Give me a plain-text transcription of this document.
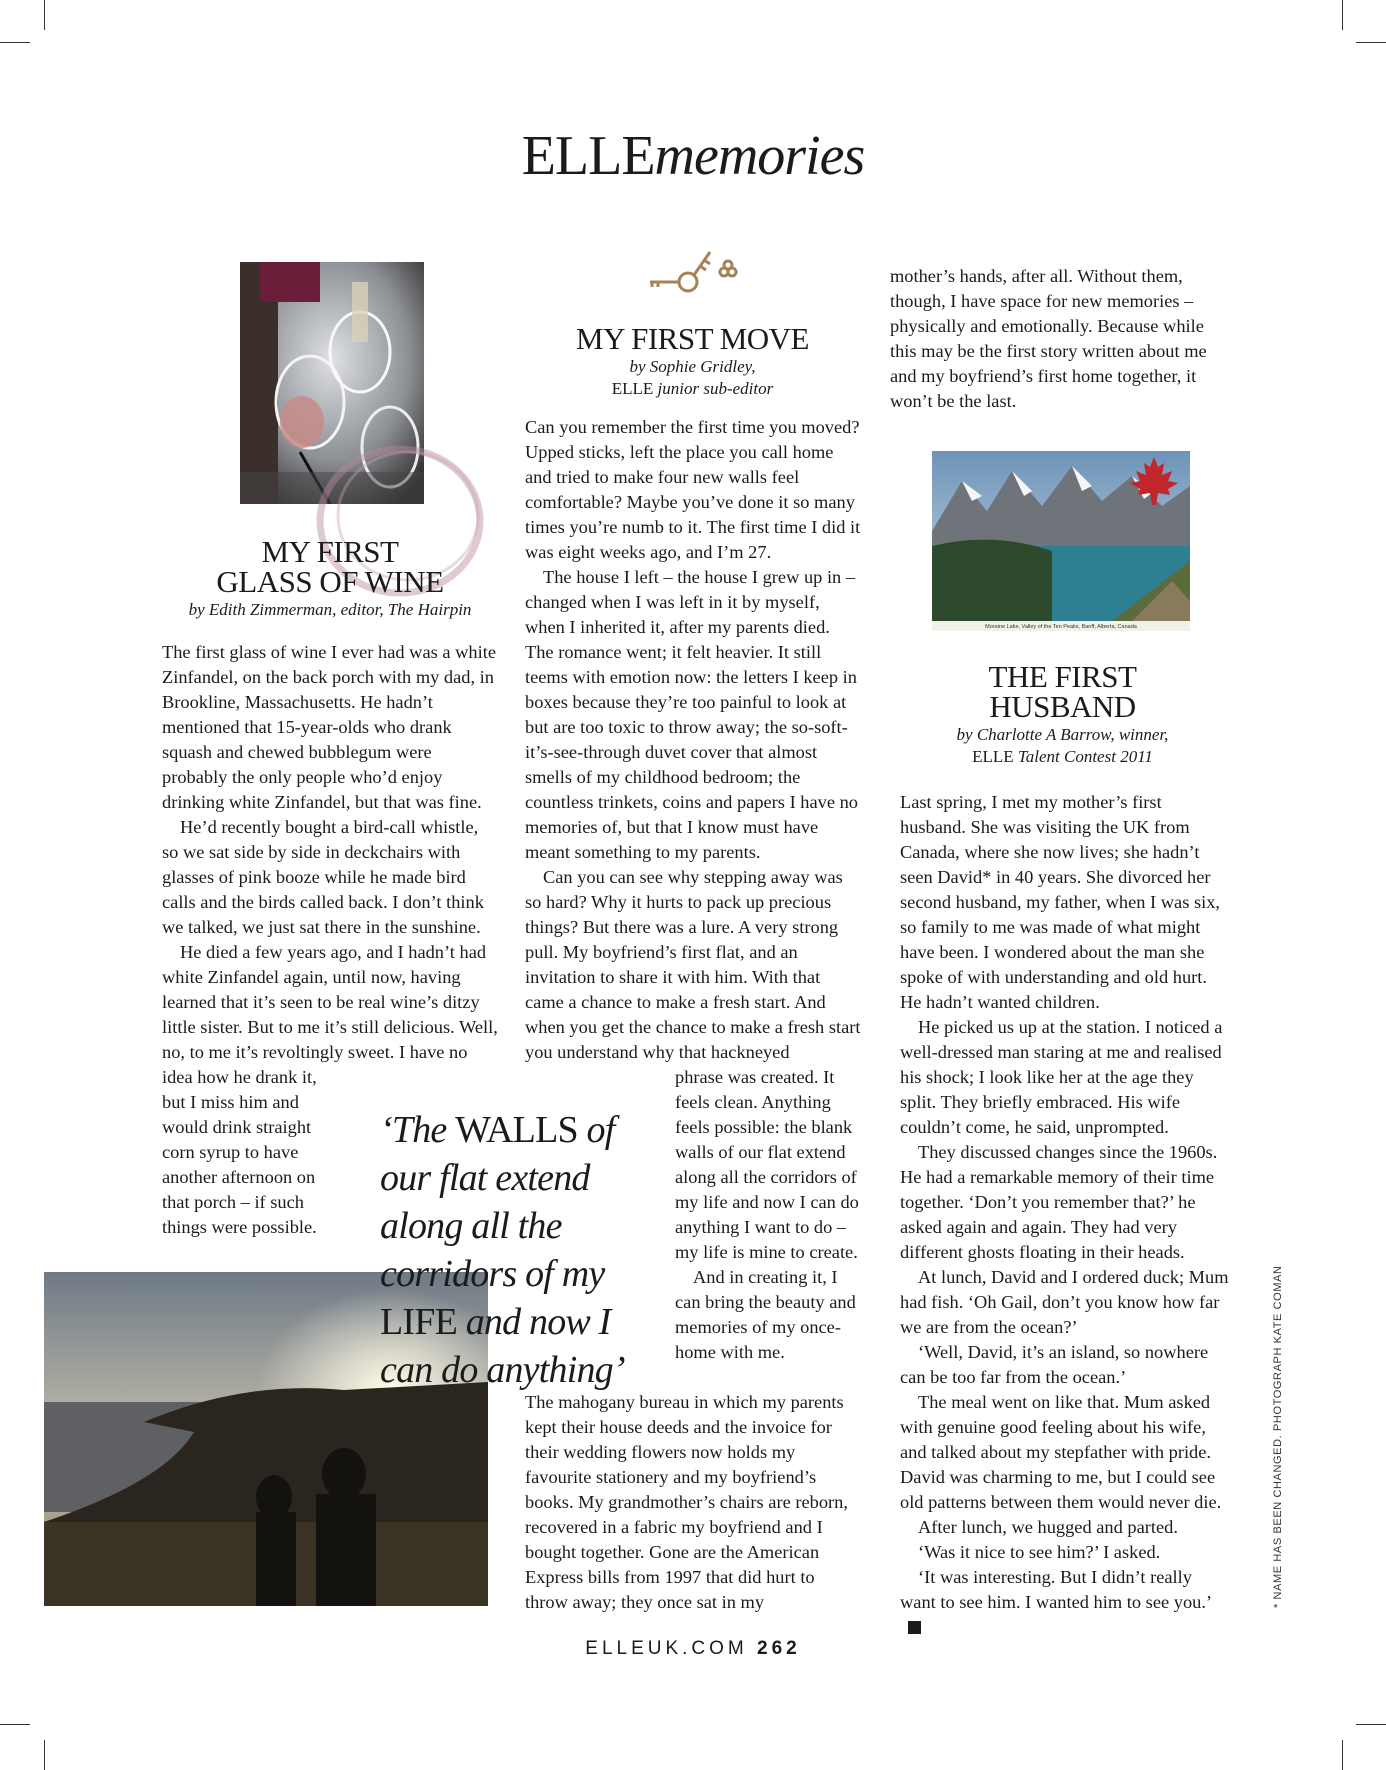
ELLEmemories
MY FIRST
GLASS OF WINE
by Edith Zimmerman, editor, The Hairpin

The first glass of wine I ever had was a white Zinfandel, on the back porch with my dad, in Brookline, Massachusetts. He hadn’t mentioned that 15-year-olds who drank squash and chewed bubblegum were probably the only people who’d enjoy drinking white Zinfandel, but that was fine.

He’d recently bought a bird-call whistle, so we sat side by side in deckchairs with glasses of pink booze while he made bird calls and the birds called back. I don’t think we talked, we just sat there in the sunshine.

He died a few years ago, and I hadn’t had white Zinfandel again, until now, having learned that it’s seen to be real wine’s ditzy little sister. But to me it’s still delicious. Well, no, to me it’s revoltingly sweet. I have no

idea how he drank it, but I miss him and would drink straight corn syrup to have another afternoon on that porch – if such things were possible.

MY FIRST MOVE
by Sophie Gridley,
ELLE junior sub-editor

Can you remember the first time you moved? Upped sticks, left the place you call home and tried to make four new walls feel comfortable? Maybe you’ve done it so many times you’re numb to it. The first time I did it was eight weeks ago, and I’m 27.

The house I left – the house I grew up in – changed when I was left in it by myself, when I inherited it, after my parents died. The romance went; it felt heavier. It still teems with emotion now: the letters I keep in boxes because they’re too painful to look at but are too toxic to throw away; the so-soft-it’s-see-through duvet cover that almost smells of my childhood bedroom; the countless trinkets, coins and papers I have no memories of, but that I know must have meant something to my parents.

Can you can see why stepping away was so hard? Why it hurts to pack up precious things? But there was a lure. A very strong pull. My boyfriend’s first flat, and an invitation to share it with him. With that came a chance to make a fresh start. And when you get the chance to make a fresh start you understand why that hackneyed

phrase was created. It feels clean. Anything feels possible: the blank walls of our flat extend along all the corridors of my life and now I can do anything I want to do – my life is mine to create.

And in creating it, I can bring the beauty and memories of my once-home with me.

The mahogany bureau in which my parents kept their house deeds and the invoice for their wedding flowers now holds my favourite stationery and my boyfriend’s books. My grandmother’s chairs are reborn, recovered in a fabric my boyfriend and I bought together. Gone are the American Express bills from 1997 that did hurt to throw away; they once sat in my

‘The WALLS of our flat extend along all the corridors of my LIFE and now I can do anything’

mother’s hands, after all. Without them, though, I have space for new memories – physically and emotionally. Because while this may be the first story written about me and my boyfriend’s first home together, it won’t be the last.

Moraine Lake, Valley of the Ten Peaks, Banff, Alberta, Canada
THE FIRST
HUSBAND
by Charlotte A Barrow, winner,
ELLE Talent Contest 2011

Last spring, I met my mother’s first husband. She was visiting the UK from Canada, where she now lives; she hadn’t seen David* in 40 years. She divorced her second husband, my father, when I was six, so family to me was made of what might have been. I wondered about the man she spoke of with understanding and old hurt. He hadn’t wanted children.

He picked us up at the station. I noticed a well-dressed man staring at me and realised his shock; I look like her at the age they split. They briefly embraced. His wife couldn’t come, he said, unprompted.

They discussed changes since the 1960s. He had a remarkable memory of their time together. ‘Don’t you remember that?’ he asked again and again. They had very different ghosts floating in their heads.

At lunch, David and I ordered duck; Mum had fish. ‘Oh Gail, don’t you know how far we are from the ocean?’

‘Well, David, it’s an island, so nowhere can be too far from the ocean.’

The meal went on like that. Mum asked with genuine good feeling about his wife, and talked about my stepfather with pride. David was charming to me, but I could see old patterns between them would never die.

After lunch, we hugged and parted.

‘Was it nice to see him?’ I asked.

‘It was interesting. But I didn’t really want to see him. I wanted him to see you.’	* NAME HAS BEEN CHANGED. PHOTOGRAPH KATE COMAN
ELLEUK.COM 262
